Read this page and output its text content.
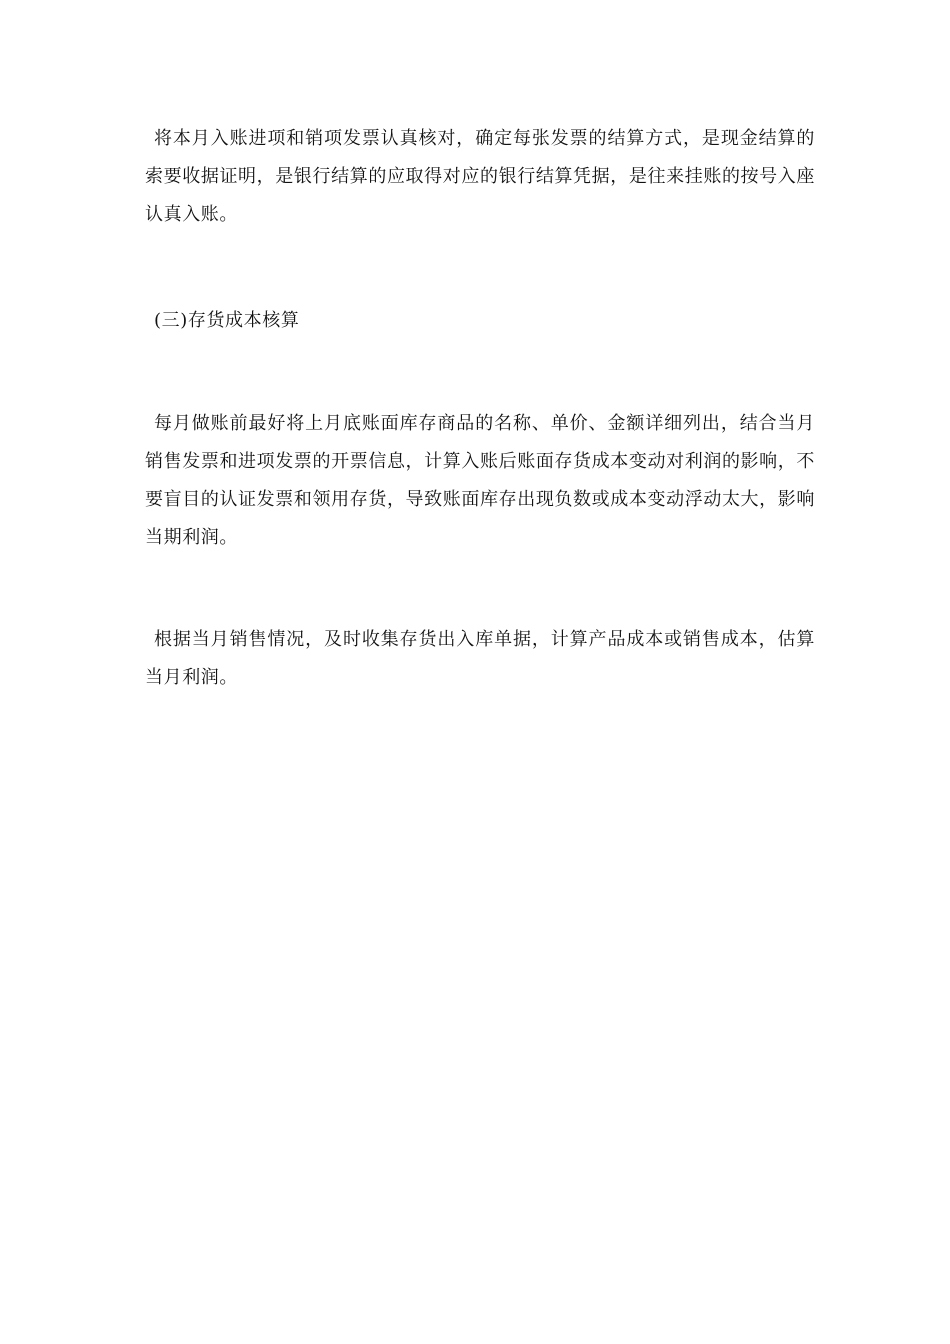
将本月入账进项和销项发票认真核对，确定每张发票的结算方式，是现金结算的索要收据证明，是银行结算的应取得对应的银行结算凭据，是往来挂账的按号入座认真入账。

(三)存货成本核算

每月做账前最好将上月底账面库存商品的名称、单价、金额详细列出，结合当月销售发票和进项发票的开票信息，计算入账后账面存货成本变动对利润的影响，不要盲目的认证发票和领用存货，导致账面库存出现负数或成本变动浮动太大，影响当期利润。

根据当月销售情况，及时收集存货出入库单据，计算产品成本或销售成本，估算当月利润。
